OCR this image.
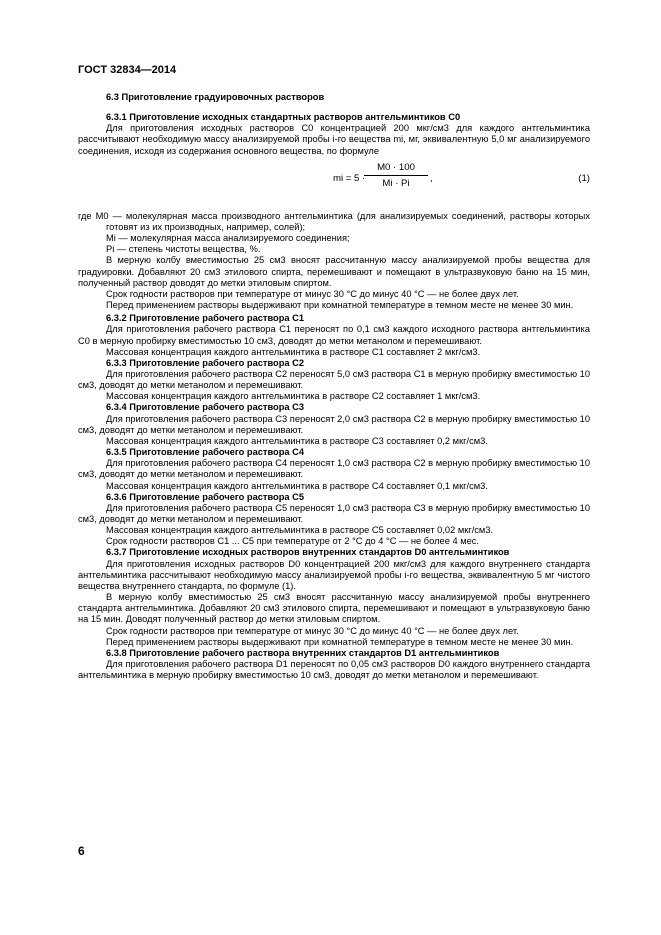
ГОСТ 32834—2014

6.3 Приготовление градуировочных растворов

6.3.1 Приготовление исходных стандартных растворов антгельминтиков C0

Для приготовления исходных растворов C0 концентрацией 200 мкг/см3 для каждого антгельминтика рассчитывают необходимую массу анализируемой пробы i-го вещества mi, мг, эквивалентную 5,0 мг анализируемого соединения, исходя из содержания основного вещества, по формуле

mi = 5 ·
$\frac{M0 \cdot 100}{Mi \cdot Pi}$ ,	(1)

где M0 — молекулярная масса производного антгельминтика (для анализируемых соединений, растворы которых готовят из их производных, например, солей);

Mi — молекулярная масса анализируемого соединения;

Pi — степень чистоты вещества, %.

В мерную колбу вместимостью 25 см3 вносят рассчитанную массу анализируемой пробы вещества для градуировки. Добавляют 20 см3 этилового спирта, перемешивают и помещают в ультразвуковую баню на 15 мин, полученный раствор доводят до метки этиловым спиртом.

Срок годности растворов при температуре от минус 30 °С до минус 40 °С — не более двух лет.

Перед применением растворы выдерживают при комнатной температуре в темном месте не менее 30 мин.

6.3.2 Приготовление рабочего раствора C1

Для приготовления рабочего раствора C1 переносят по 0,1 см3 каждого исходного раствора антгельминтика C0 в мерную пробирку вместимостью 10 см3, доводят до метки метанолом и перемешивают.

Массовая концентрация каждого антгельминтика в растворе C1 составляет 2 мкг/см3.

6.3.3 Приготовление рабочего раствора C2

Для приготовления рабочего раствора C2 переносят 5,0 см3 раствора C1 в мерную пробирку вместимостью 10 см3, доводят до метки метанолом и перемешивают.

Массовая концентрация каждого антгельминтика в растворе C2 составляет 1 мкг/см3.

6.3.4 Приготовление рабочего раствора C3

Для приготовления рабочего раствора C3 переносят 2,0 см3 раствора C2 в мерную пробирку вместимостью 10 см3, доводят до метки метанолом и перемешивают.

Массовая концентрация каждого антгельминтика в растворе C3 составляет 0,2 мкг/см3.

6.3.5 Приготовление рабочего раствора C4

Для приготовления рабочего раствора C4 переносят 1,0 см3 раствора C2 в мерную пробирку вместимостью 10 см3, доводят до метки метанолом и перемешивают.

Массовая концентрация каждого антгельминтика в растворе C4 составляет 0,1 мкг/см3.

6.3.6 Приготовление рабочего раствора C5

Для приготовления рабочего раствора C5 переносят 1,0 см3 раствора C3 в мерную пробирку вместимостью 10 см3, доводят до метки метанолом и перемешивают.

Массовая концентрация каждого антгельминтика в растворе C5 составляет 0,02 мкг/см3.

Срок годности растворов C1 ... C5 при температуре от 2 °С до 4 °С — не более 4 мес.

6.3.7 Приготовление исходных растворов внутренних стандартов D0 антгельминтиков

Для приготовления исходных растворов D0 концентрацией 200 мкг/см3 для каждого внутреннего стандарта антгельминтика рассчитывают необходимую массу анализируемой пробы i-го вещества, эквивалентную 5 мг чистого вещества внутреннего стандарта, по формуле (1).

В мерную колбу вместимостью 25 см3 вносят рассчитанную массу анализируемой пробы внутреннего стандарта антгельминтика. Добавляют 20 см3 этилового спирта, перемешивают и помещают в ультразвуковую баню на 15 мин. Доводят полученный раствор до метки этиловым спиртом.

Срок годности растворов при температуре от минус 30 °С до минус 40 °С — не более двух лет.

Перед применением растворы выдерживают при комнатной температуре в темном месте не менее 30 мин.

6.3.8 Приготовление рабочего раствора внутренних стандартов D1 антгельминтиков

Для приготовления рабочего раствора D1 переносят по 0,05 см3 растворов D0 каждого внутреннего стандарта антгельминтика в мерную пробирку вместимостью 10 см3, доводят до метки метанолом и перемешивают.

6
